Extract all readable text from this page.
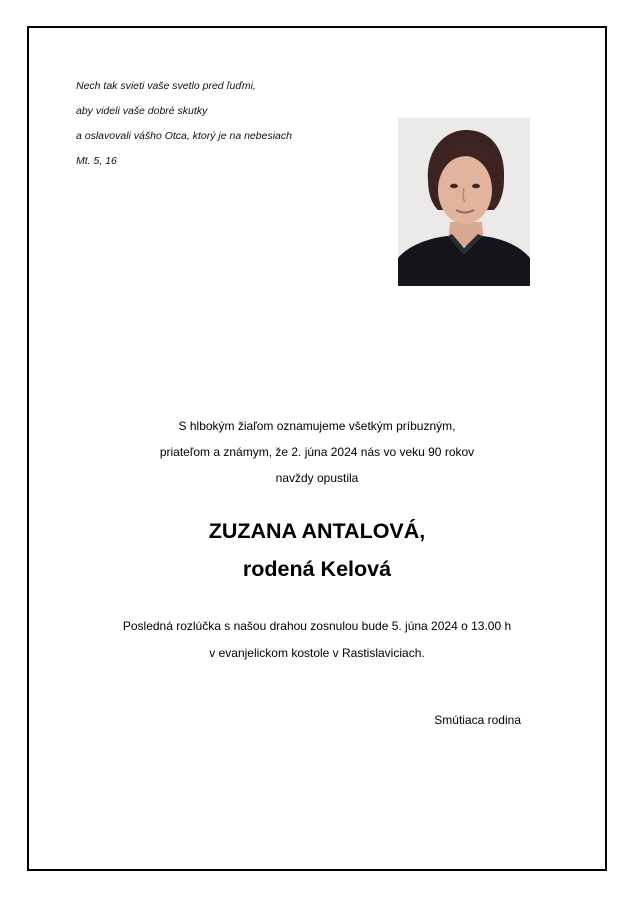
Nech tak svieti vaše svetlo pred ľuďmi,
aby videli vaše dobré skutky
a oslavovali vášho Otca, ktorý je na nebesiach
Mt. 5, 16
S hlbokým žiaľom oznamujeme všetkým príbuzným,
priateľom a známym, že 2. júna 2024 nás vo veku 90 rokov
navždy opustila
ZUZANA ANTALOVÁ,
rodená Kelová
Posledná rozlúčka s našou drahou zosnulou bude 5. júna 2024 o 13.00 h
v evanjelickom kostole v Rastislaviciach.
Smútiaca rodina
